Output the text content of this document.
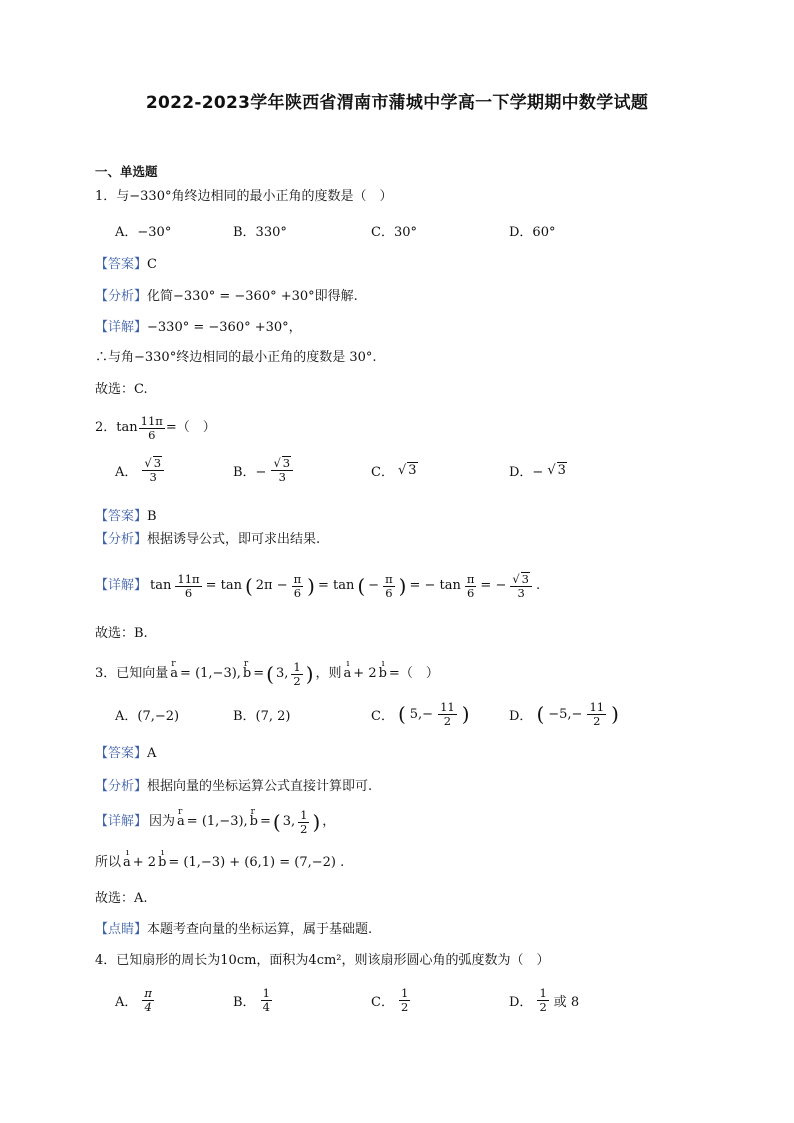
2022-2023学年陕西省渭南市蒲城中学高一下学期期中数学试题
一、单选题
1．与−330°角终边相同的最小正角的度数是（　）
A．−30°	B．330°	C．30°	D．60°
【答案】C
【分析】化简−330° = −360° +30°即得解.
【详解】−330° = −360° +30°，
∴与角−330°终边相同的最小正角的度数是 30°.
故选：C.
2． $\tan \frac{11\pi}{6}$ =（　）
A． $\frac{√ 3}{3}$	B．− $\frac{√ 3}{3}$	C． √ 3	D．− √ 3
【答案】B
【分析】根据诱导公式，即可求出结果.
【详解】 $\tan \frac{11\pi}{6} = \tan$ ( $2\pi - \frac{\pi}{6}$ ) = tan ( − $\frac{\pi}{6}$ ) = − $\tan \frac{\pi}{6}$ = − $\frac{√ 3}{3}$ .
故选：B.
3．已知向量 r a = (1,−3), r b = ( 3, $\frac{1}{2}$ ) ，则 ı a + 2 ı b =（　）
A．(7,−2)	B．(7, 2)	C． ( $5,- \frac{11}{2}$ )	D． ( $-5,- \frac{11}{2}$ )
【答案】A
【分析】根据向量的坐标运算公式直接计算即可.
【详解】 因为 r a = (1,−3), r b = ( 3, $\frac{1}{2}$ ) ，
所以 ı a + 2 ı b = (1,−3) + (6,1) = (7,−2) .
故选：A.
【点睛】本题考查向量的坐标运算，属于基础题.
4．已知扇形的周长为10cm，面积为4cm²，则该扇形圆心角的弧度数为（　）
A． $\frac{\pi}{4}$	B． $\frac{1}{4}$	C． $\frac{1}{2}$	D． $\frac{1}{2}$ 或 8
